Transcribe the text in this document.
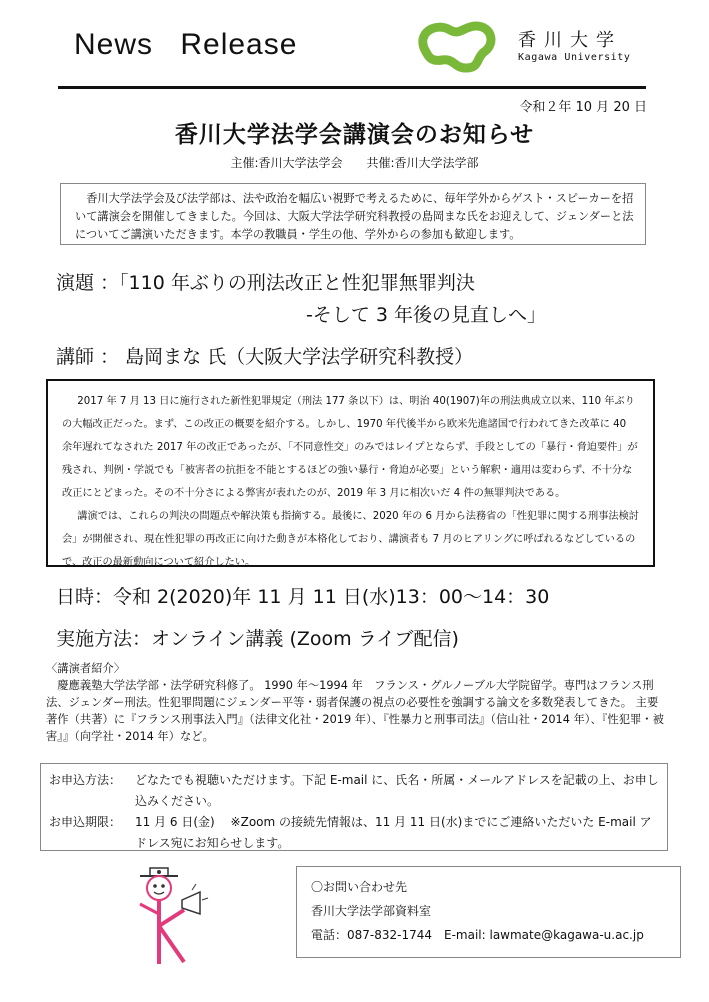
News Release	香川大学
Kagawa University
令和２年 10 月 20 日
香川大学法学会講演会のお知らせ
主催:香川大学法学会 共催:香川大学法学部
香川大学法学会及び法学部は、法や政治を幅広い視野で考えるために、毎年学外からゲスト・スピーカーを招いて講演会を開催してきました。今回は、大阪大学法学研究科教授の島岡まな氏をお迎えして、ジェンダーと法についてご講演いただきます。本学の教職員・学生の他、学外からの参加も歓迎します。
演題 ：「110 年ぶりの刑法改正と性犯罪無罪判決
-そして 3 年後の見直しへ」
講師 ： 島岡まな 氏（大阪大学法学研究科教授）

2017 年 7 月 13 日に施行された新性犯罪規定（刑法 177 条以下）は、明治 40(1907)年の刑法典成立以来、110 年ぶりの大幅改正だった。まず、この改正の概要を紹介する。しかし、1970 年代後半から欧米先進諸国で行われてきた改革に 40 余年遅れてなされた 2017 年の改正であったが、「不同意性交」のみではレイプとならず、手段としての「暴行・脅迫要件」が残され、判例・学説でも「被害者の抗拒を不能とするほどの強い暴行・脅迫が必要」という解釈・適用は変わらず、不十分な改正にとどまった。その不十分さによる弊害が表れたのが、2019 年 3 月に相次いだ 4 件の無罪判決である。

講演では、これらの判決の問題点や解決策も指摘する。最後に、2020 年の 6 月から法務省の「性犯罪に関する刑事法検討会」が開催され、現在性犯罪の再改正に向けた動きが本格化しており、講演者も 7 月のヒアリングに呼ばれるなどしているので、改正の最新動向について紹介したい。

日時：令和 2(2020)年 11 月 11 日(水)13：00～14：30
実施方法：オンライン講義 (Zoom ライブ配信)
〈講演者紹介〉
慶應義塾大学法学部・法学研究科修了。 1990 年～1994 年　フランス・グルノーブル大学院留学。専門はフランス刑法、ジェンダー刑法。性犯罪問題にジェンダー平等・弱者保護の視点の必要性を強調する論文を多数発表してきた。 主要著作（共著）に『フランス刑事法入門』（法律文化社・2019 年）、『性暴力と刑事司法』（信山社・2014 年）、『性犯罪・被害』』（向学社・2014 年）など。
お申込方法：	どなたでも視聴いただけます。下記 E-mail に、氏名・所属・メールアドレスを記載の上、お申し込みください。
お申込期限：	11 月 6 日(金)　 ※Zoom の接続先情報は、11 月 11 日(水)までにご連絡いただいた E-mail アドレス宛にお知らせします。
〇お問い合わせ先
香川大学法学部資料室
電話：087-832-1744　E-mail: lawmate@kagawa-u.ac.jp
